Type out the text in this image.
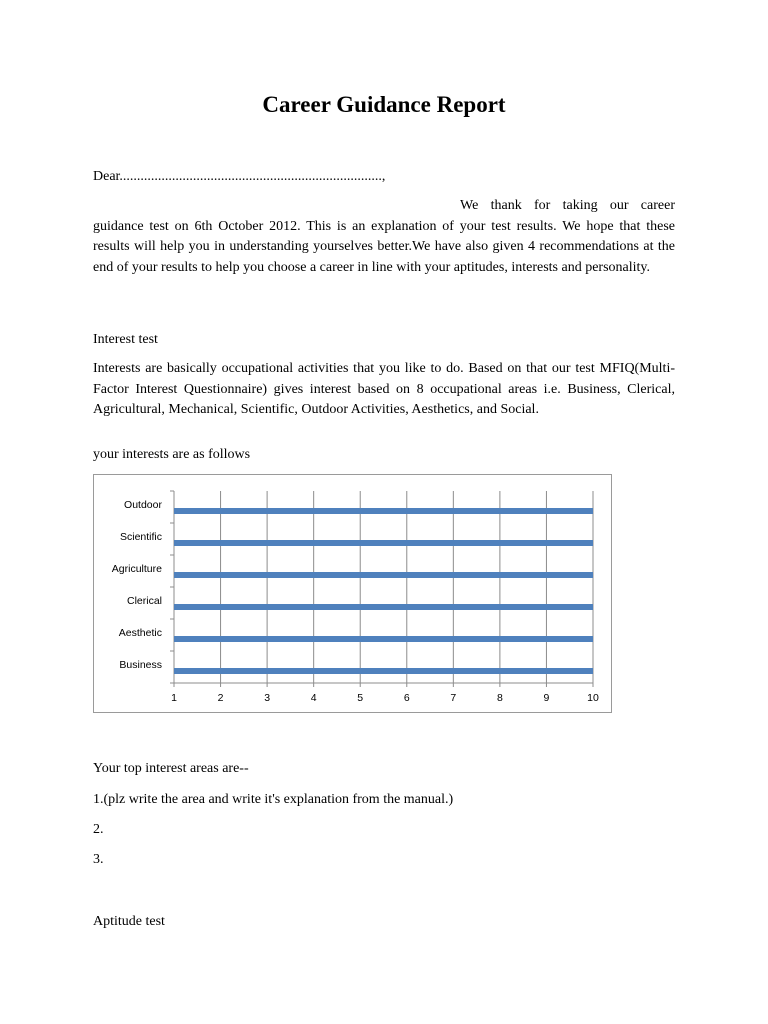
Career Guidance Report

Dear...........................................................................,

We thank for taking our career guidance test on 6th October 2012. This is an explanation of your test results. We hope that these results will help you in understanding yourselves better.We have also given 4 recommendations at the end of your results to help you choose a career in line with your aptitudes, interests and personality.

Interest test

Interests are basically occupational activities that you like to do. Based on that our test MFIQ(Multi-Factor Interest Questionnaire) gives interest based on 8 occupational areas i.e. Business, Clerical, Agricultural, Mechanical, Scientific, Outdoor Activities, Aesthetics, and Social.

your interests are as follows

1	2	3	4	5	6	7	8	9	10
Outdoor
Scientific
Agriculture
Clerical
Aesthetic
Business

Your top interest areas are--

1.(plz write the area and write it's explanation from the manual.)

2.

3.

Aptitude test
